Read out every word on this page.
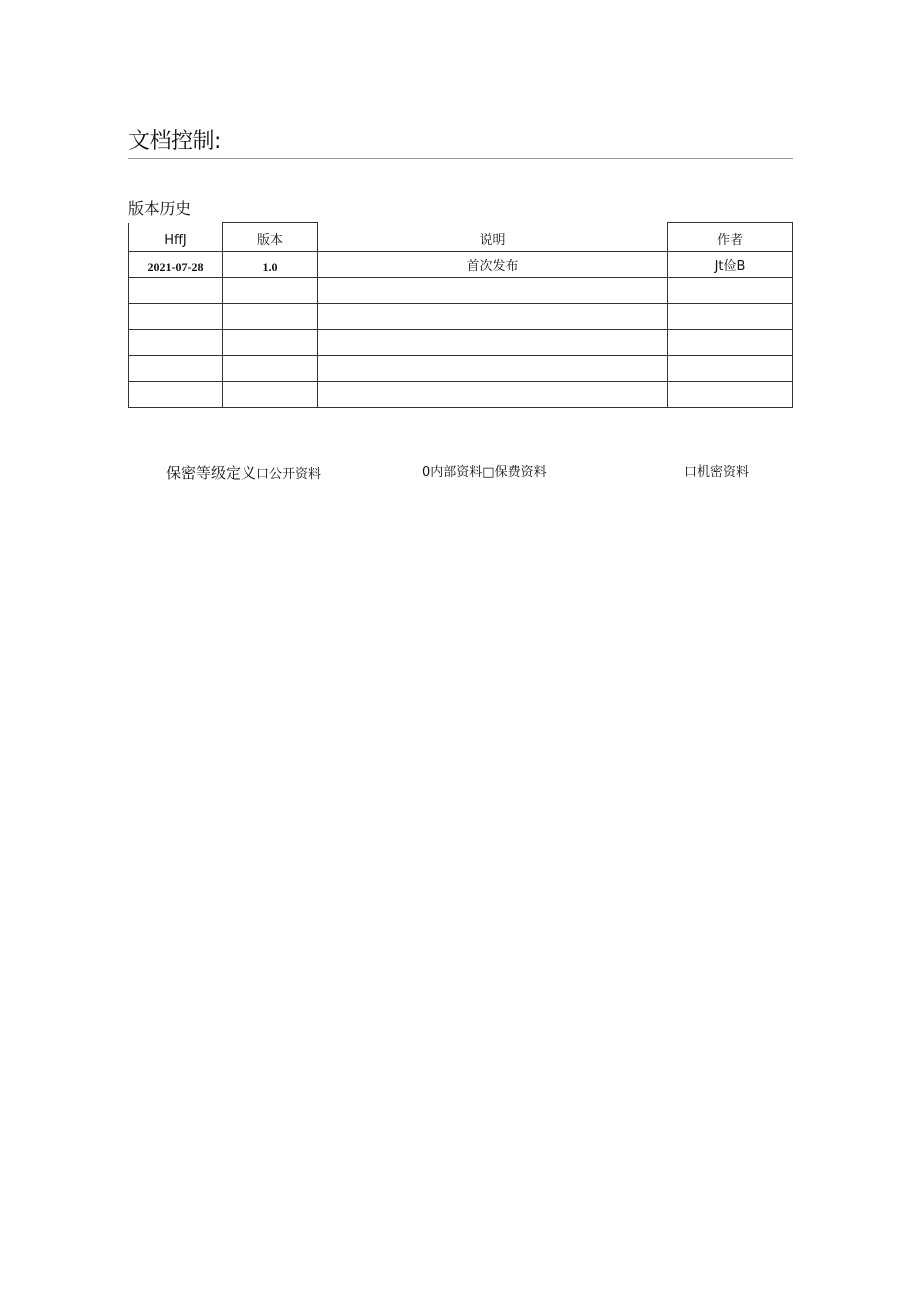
文档控制:
版本历史
HffJ	版本	说明	作者
2021-07-28	1.0	首次发布	Jt俭B

保密等级定义口公开资料	0内部资料□保费资料	口机密资料
